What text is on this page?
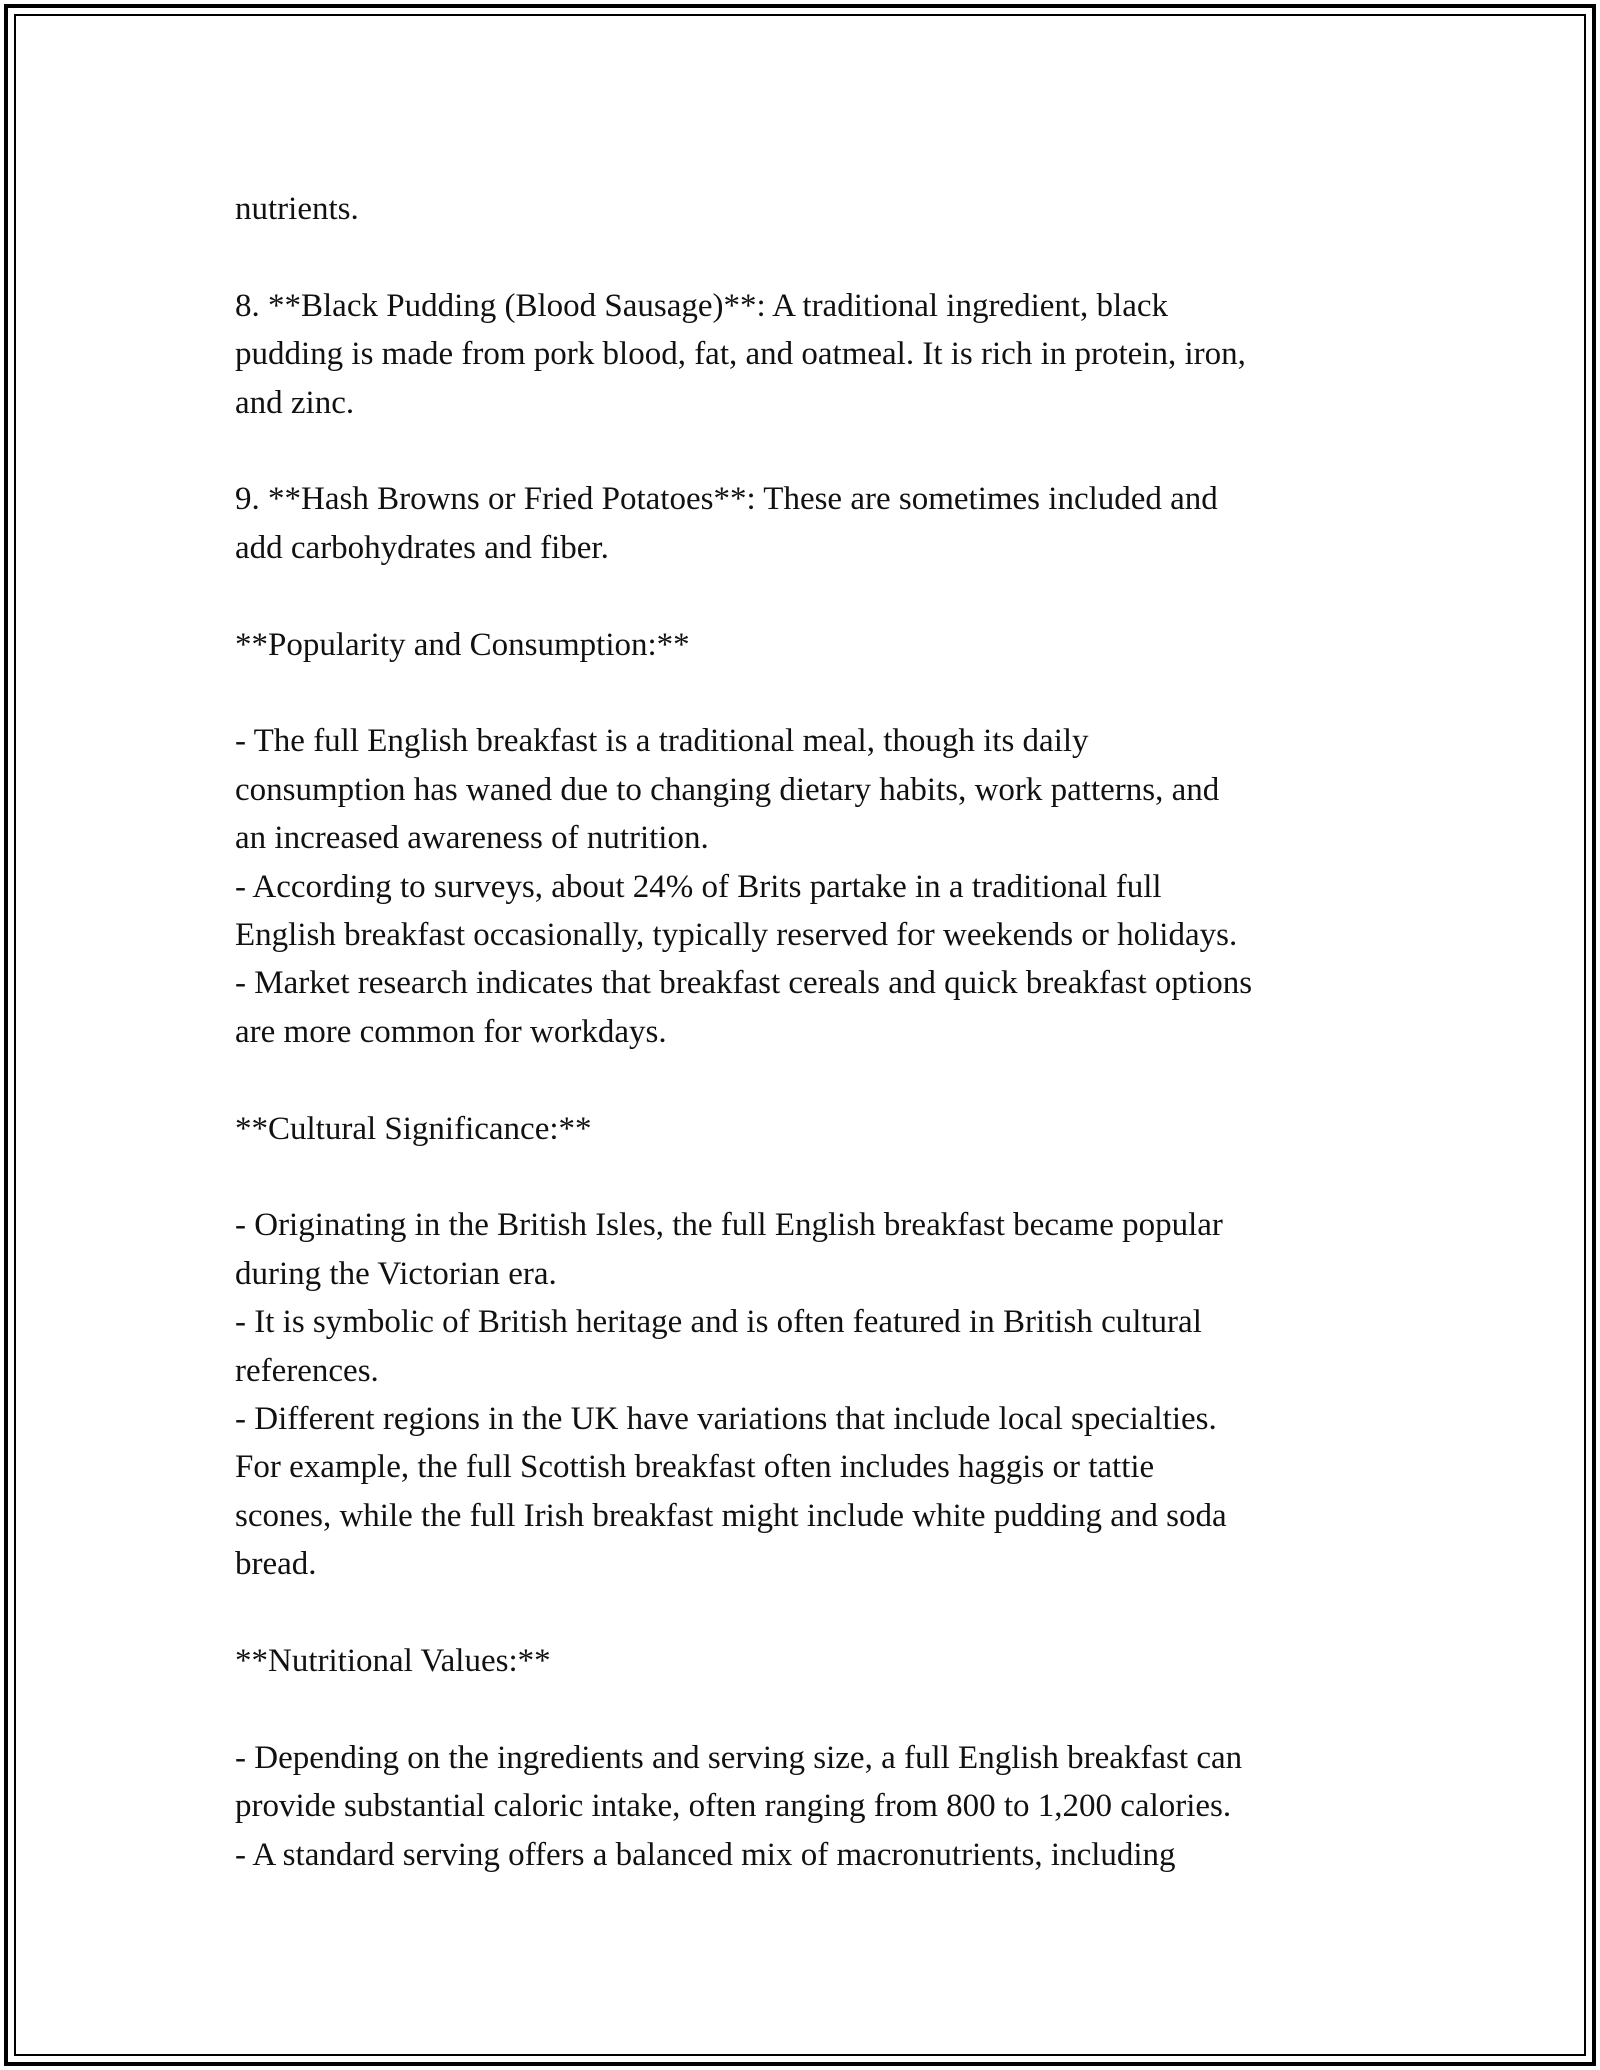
nutrients.
8. **Black Pudding (Blood Sausage)**: A traditional ingredient, black
pudding is made from pork blood, fat, and oatmeal. It is rich in protein, iron,
and zinc.
9. **Hash Browns or Fried Potatoes**: These are sometimes included and
add carbohydrates and fiber.
**Popularity and Consumption:**
- The full English breakfast is a traditional meal, though its daily
consumption has waned due to changing dietary habits, work patterns, and
an increased awareness of nutrition.
- According to surveys, about 24% of Brits partake in a traditional full
English breakfast occasionally, typically reserved for weekends or holidays.
- Market research indicates that breakfast cereals and quick breakfast options
are more common for workdays.
**Cultural Significance:**
- Originating in the British Isles, the full English breakfast became popular
during the Victorian era.
- It is symbolic of British heritage and is often featured in British cultural
references.
- Different regions in the UK have variations that include local specialties.
For example, the full Scottish breakfast often includes haggis or tattie
scones, while the full Irish breakfast might include white pudding and soda
bread.
**Nutritional Values:**
- Depending on the ingredients and serving size, a full English breakfast can
provide substantial caloric intake, often ranging from 800 to 1,200 calories.
- A standard serving offers a balanced mix of macronutrients, including
